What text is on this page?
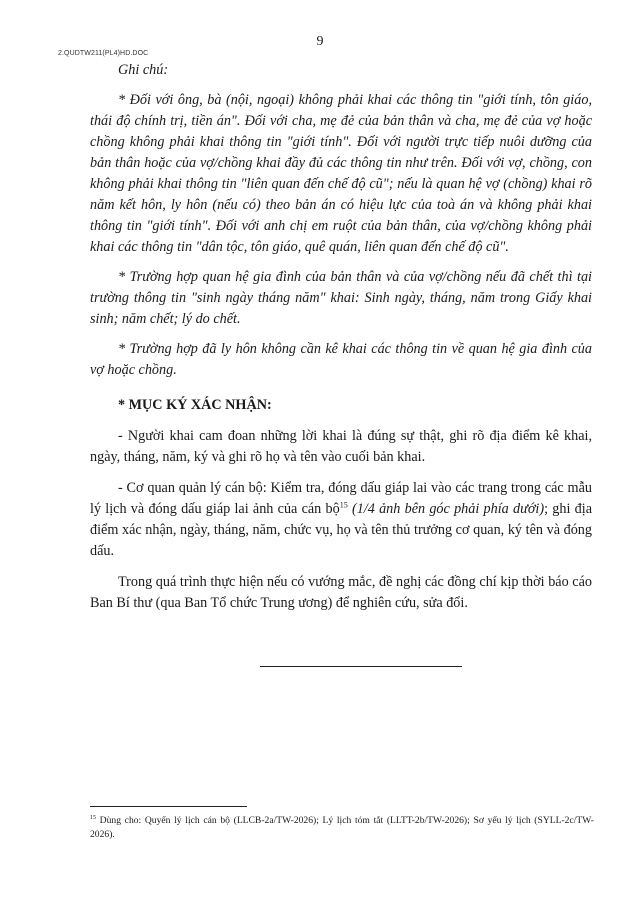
2.QUDTW211(PL4)HD.DOC
9

Ghi chú:

* Đối với ông, bà (nội, ngoại) không phải khai các thông tin "giới tính, tôn giáo, thái độ chính trị, tiền án". Đối với cha, mẹ đẻ của bản thân và cha, mẹ đẻ của vợ hoặc chồng không phải khai thông tin "giới tính". Đối với người trực tiếp nuôi dưỡng của bản thân hoặc của vợ/chồng khai đầy đủ các thông tin như trên. Đối với vợ, chồng, con không phải khai thông tin "liên quan đến chế độ cũ"; nếu là quan hệ vợ (chồng) khai rõ năm kết hôn, ly hôn (nếu có) theo bản án có hiệu lực của toà án và không phải khai thông tin "giới tính". Đối với anh chị em ruột của bản thân, của vợ/chồng không phải khai các thông tin "dân tộc, tôn giáo, quê quán, liên quan đến chế độ cũ".

* Trường hợp quan hệ gia đình của bản thân và của vợ/chồng nếu đã chết thì tại trường thông tin "sinh ngày tháng năm" khai: Sinh ngày, tháng, năm trong Giấy khai sinh; năm chết; lý do chết.

* Trường hợp đã ly hôn không cần kê khai các thông tin về quan hệ gia đình của vợ hoặc chồng.

* MỤC KÝ XÁC NHẬN:

- Người khai cam đoan những lời khai là đúng sự thật, ghi rõ địa điểm kê khai, ngày, tháng, năm, ký và ghi rõ họ và tên vào cuối bản khai.

- Cơ quan quản lý cán bộ: Kiểm tra, đóng dấu giáp lai vào các trang trong các mẫu lý lịch và đóng dấu giáp lai ảnh của cán bộ$^{15}$ (1/4 ảnh bên góc phải phía dưới); ghi địa điểm xác nhận, ngày, tháng, năm, chức vụ, họ và tên thủ trưởng cơ quan, ký tên và đóng dấu.

Trong quá trình thực hiện nếu có vướng mắc, đề nghị các đồng chí kịp thời báo cáo Ban Bí thư (qua Ban Tổ chức Trung ương) để nghiên cứu, sửa đổi.

$^{15}$ Dùng cho: Quyển lý lịch cán bộ (LLCB-2a/TW-2026); Lý lịch tóm tắt (LLTT-2b/TW-2026); Sơ yếu lý lịch (SYLL-2c/TW-2026).
